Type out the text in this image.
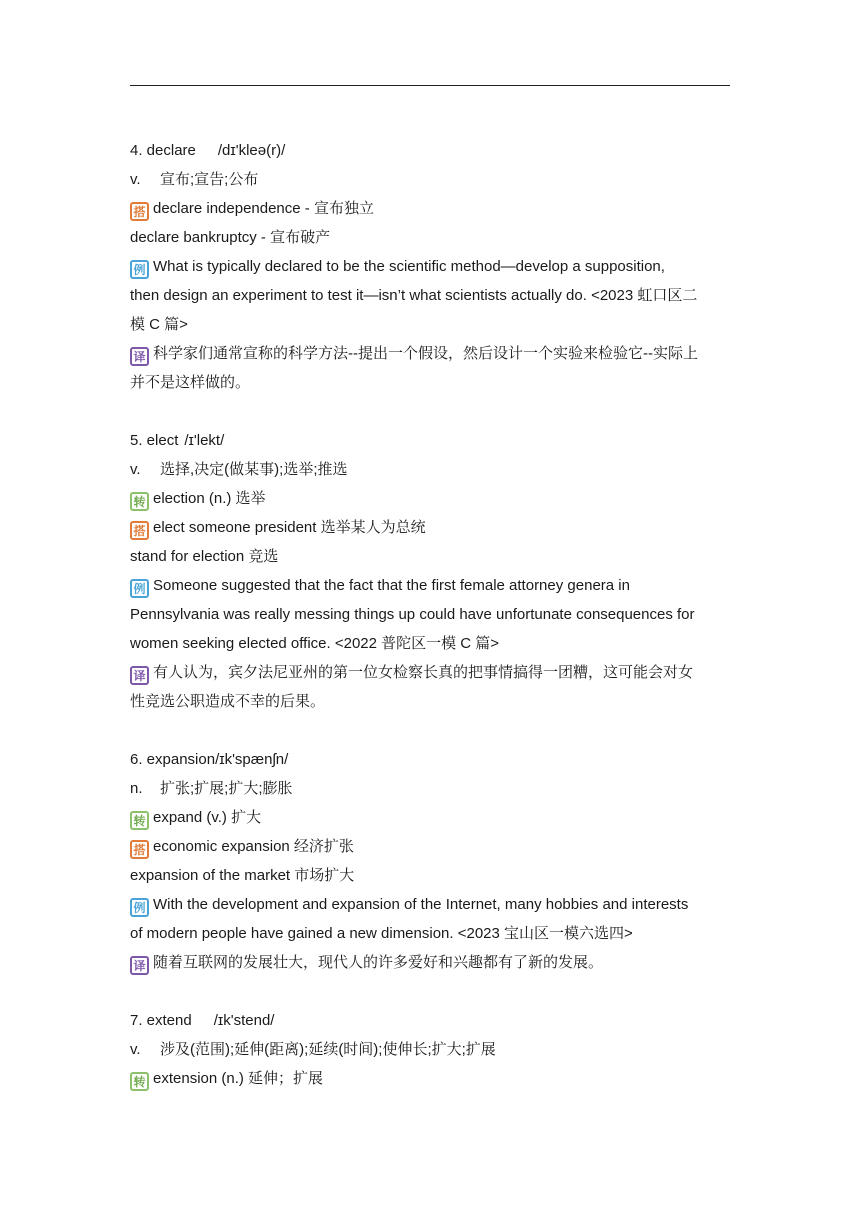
4. declare /dɪ'kleə(r)/
v. 宣布;宣告;公布
搭 declare independence - 宣布独立
declare bankruptcy - 宣布破产
例 What is typically declared to be the scientific method—develop a supposition,
then design an experiment to test it—isn’t what scientists actually do. <2023 虹口区二
模 C 篇>
译 科学家们通常宣称的科学方法--提出一个假设，然后设计一个实验来检验它--实际上
并不是这样做的。
5. elect /ɪ'lekt/
v. 选择,决定(做某事);选举;推选
转 election (n.) 选举
搭 elect someone president 选举某人为总统
stand for election 竞选
例 Someone suggested that the fact that the first female attorney genera in
Pennsylvania was really messing things up could have unfortunate consequences for
women seeking elected office. <2022 普陀区一模 C 篇>
译 有人认为，宾夕法尼亚州的第一位女检察长真的把事情搞得一团糟，这可能会对女
性竞选公职造成不幸的后果。
6. expansion/ɪk'spænʃn/
n. 扩张;扩展;扩大;膨胀
转 expand (v.) 扩大
搭 economic expansion 经济扩张
expansion of the market 市场扩大
例 With the development and expansion of the Internet, many hobbies and interests
of modern people have gained a new dimension. <2023 宝山区一模六选四>
译 随着互联网的发展壮大，现代人的许多爱好和兴趣都有了新的发展。
7. extend /ɪk'stend/
v. 涉及(范围);延伸(距离);延续(时间);使伸长;扩大;扩展
转 extension (n.) 延伸；扩展
